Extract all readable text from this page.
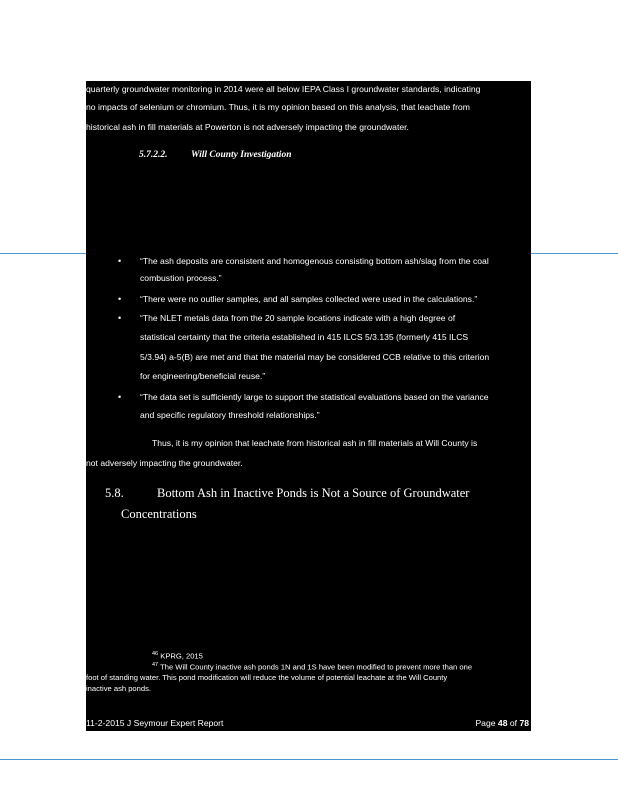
quarterly groundwater monitoring in 2014 were all below IEPA Class I groundwater standards, indicating
no impacts of selenium or chromium. Thus, it is my opinion based on this analysis, that leachate from
historical ash in fill materials at Powerton is not adversely impacting the groundwater.
5.7.2.2. Will County Investigation
• “The ash deposits are consistent and homogenous consisting bottom ash/slag from the coal
combustion process.”
• “There were no outlier samples, and all samples collected were used in the calculations.”
• “The NLET metals data from the 20 sample locations indicate with a high degree of
statistical certainty that the criteria established in 415 ILCS 5/3.135 (formerly 415 ILCS
5/3.94) a-5(B) are met and that the material may be considered CCB relative to this criterion
for engineering/beneficial reuse.”
• “The data set is sufficiently large to support the statistical evaluations based on the variance
and specific regulatory threshold relationships.”
Thus, it is my opinion that leachate from historical ash in fill materials at Will County is
not adversely impacting the groundwater.
5.8.	Bottom Ash in Inactive Ponds is Not a Source of Groundwater
Concentrations
$^{46}$ KPRG, 2015
$^{47}$ The Will County inactive ash ponds 1N and 1S have been modified to prevent more than one
foot of standing water. This pond modification will reduce the volume of potential leachate at the Will County
inactive ash ponds.
11-2-2015 J Seymour Expert Report	Page 48 of 78
